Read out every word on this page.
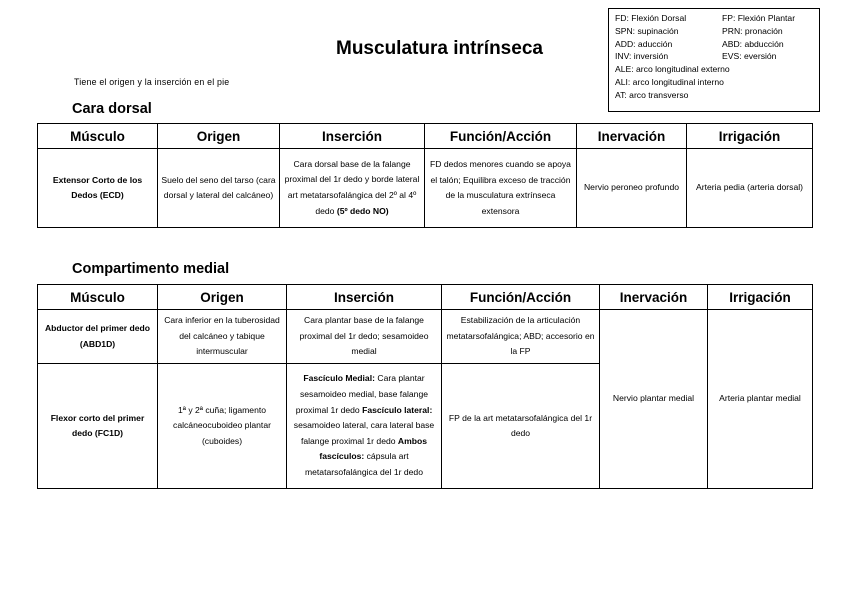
FD: Flexión Dorsal	FP: Flexión Plantar
SPN: supinación	PRN: pronación
ADD: aducción	ABD: abducción
INV: inversión	EVS: eversión
ALE: arco longitudinal externo
ALI: arco longitudinal interno
AT: arco transverso
Musculatura intrínseca
Tiene el origen y la inserción en el pie
Cara dorsal
Músculo	Origen	Inserción	Función/Acción	Inervación	Irrigación
Extensor Corto de los Dedos (ECD)	Suelo del seno del tarso (cara dorsal y lateral del calcáneo)	Cara dorsal base de la falange proximal del 1r dedo y borde lateral art metatarsofalángica del 2º al 4º dedo (5º dedo NO)	FD dedos menores cuando se apoya el talón; Equilibra exceso de tracción de la musculatura extrínseca extensora	Nervio peroneo profundo	Arteria pedia (arteria dorsal)
Compartimento medial
Músculo	Origen	Inserción	Función/Acción	Inervación	Irrigación
Abductor del primer dedo (ABD1D)	Cara inferior en la tuberosidad del calcáneo y tabique intermuscular	Cara plantar base de la falange proximal del 1r dedo; sesamoideo medial	Estabilización de la articulación metatarsofalángica; ABD; accesorio en la FP	Nervio plantar medial	Arteria plantar medial
Flexor corto del primer dedo (FC1D)	1ª y 2ª cuña; ligamento calcáneocuboideo plantar (cuboides)	Fascículo Medial: Cara plantar sesamoideo medial, base falange proximal 1r dedo Fascículo lateral: sesamoideo lateral, cara lateral base falange proximal 1r dedo Ambos fascículos: cápsula art metatarsofalángica del 1r dedo	FP de la art metatarsofalángica del 1r dedo		
